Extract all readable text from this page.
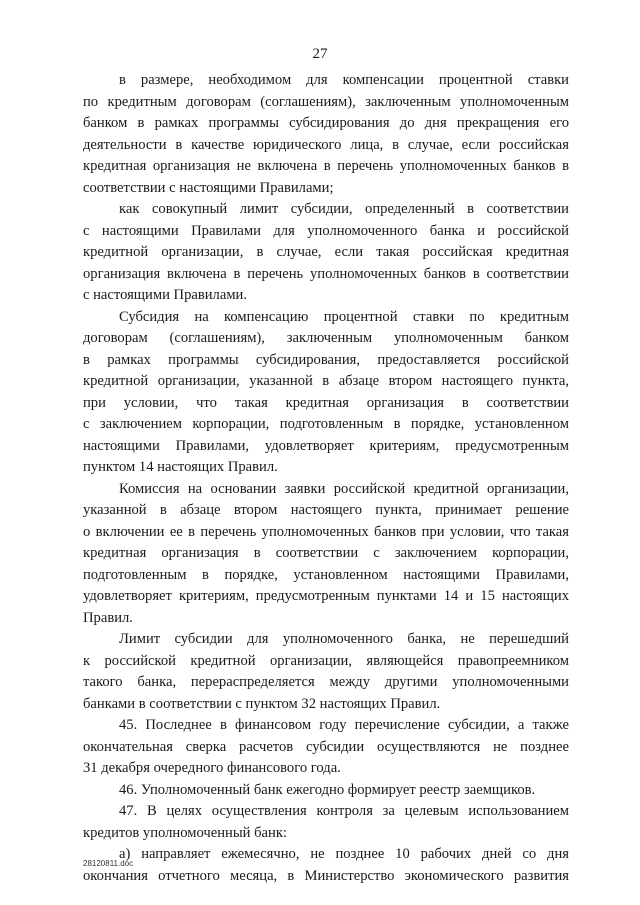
27
в размере, необходимом для компенсации процентной ставки
по кредитным договорам (соглашениям), заключенным уполномоченным
банком в рамках программы субсидирования до дня прекращения его
деятельности в качестве юридического лица, в случае, если российская
кредитная организация не включена в перечень уполномоченных банков в
соответствии с настоящими Правилами;
как совокупный лимит субсидии, определенный в соответствии
с настоящими Правилами для уполномоченного банка и российской
кредитной организации, в случае, если такая российская кредитная
организация включена в перечень уполномоченных банков в соответствии
с настоящими Правилами.
Субсидия на компенсацию процентной ставки по кредитным
договорам (соглашениям), заключенным уполномоченным банком
в рамках программы субсидирования, предоставляется российской
кредитной организации, указанной в абзаце втором настоящего пункта,
при условии, что такая кредитная организация в соответствии
с заключением корпорации, подготовленным в порядке, установленном
настоящими Правилами, удовлетворяет критериям, предусмотренным
пунктом 14 настоящих Правил.
Комиссия на основании заявки российской кредитной организации,
указанной в абзаце втором настоящего пункта, принимает решение
о включении ее в перечень уполномоченных банков при условии, что такая
кредитная организация в соответствии с заключением корпорации,
подготовленным в порядке, установленном настоящими Правилами,
удовлетворяет критериям, предусмотренным пунктами 14 и 15 настоящих
Правил.
Лимит субсидии для уполномоченного банка, не перешедший
к российской кредитной организации, являющейся правопреемником
такого банка, перераспределяется между другими уполномоченными
банками в соответствии с пунктом 32 настоящих Правил.
45. Последнее в финансовом году перечисление субсидии, а также
окончательная сверка расчетов субсидии осуществляются не позднее
31 декабря очередного финансового года.
46. Уполномоченный банк ежегодно формирует реестр заемщиков.
47. В целях осуществления контроля за целевым использованием
кредитов уполномоченный банк:
а) направляет ежемесячно, не позднее 10 рабочих дней со дня
окончания отчетного месяца, в Министерство экономического развития
28120811.doc
